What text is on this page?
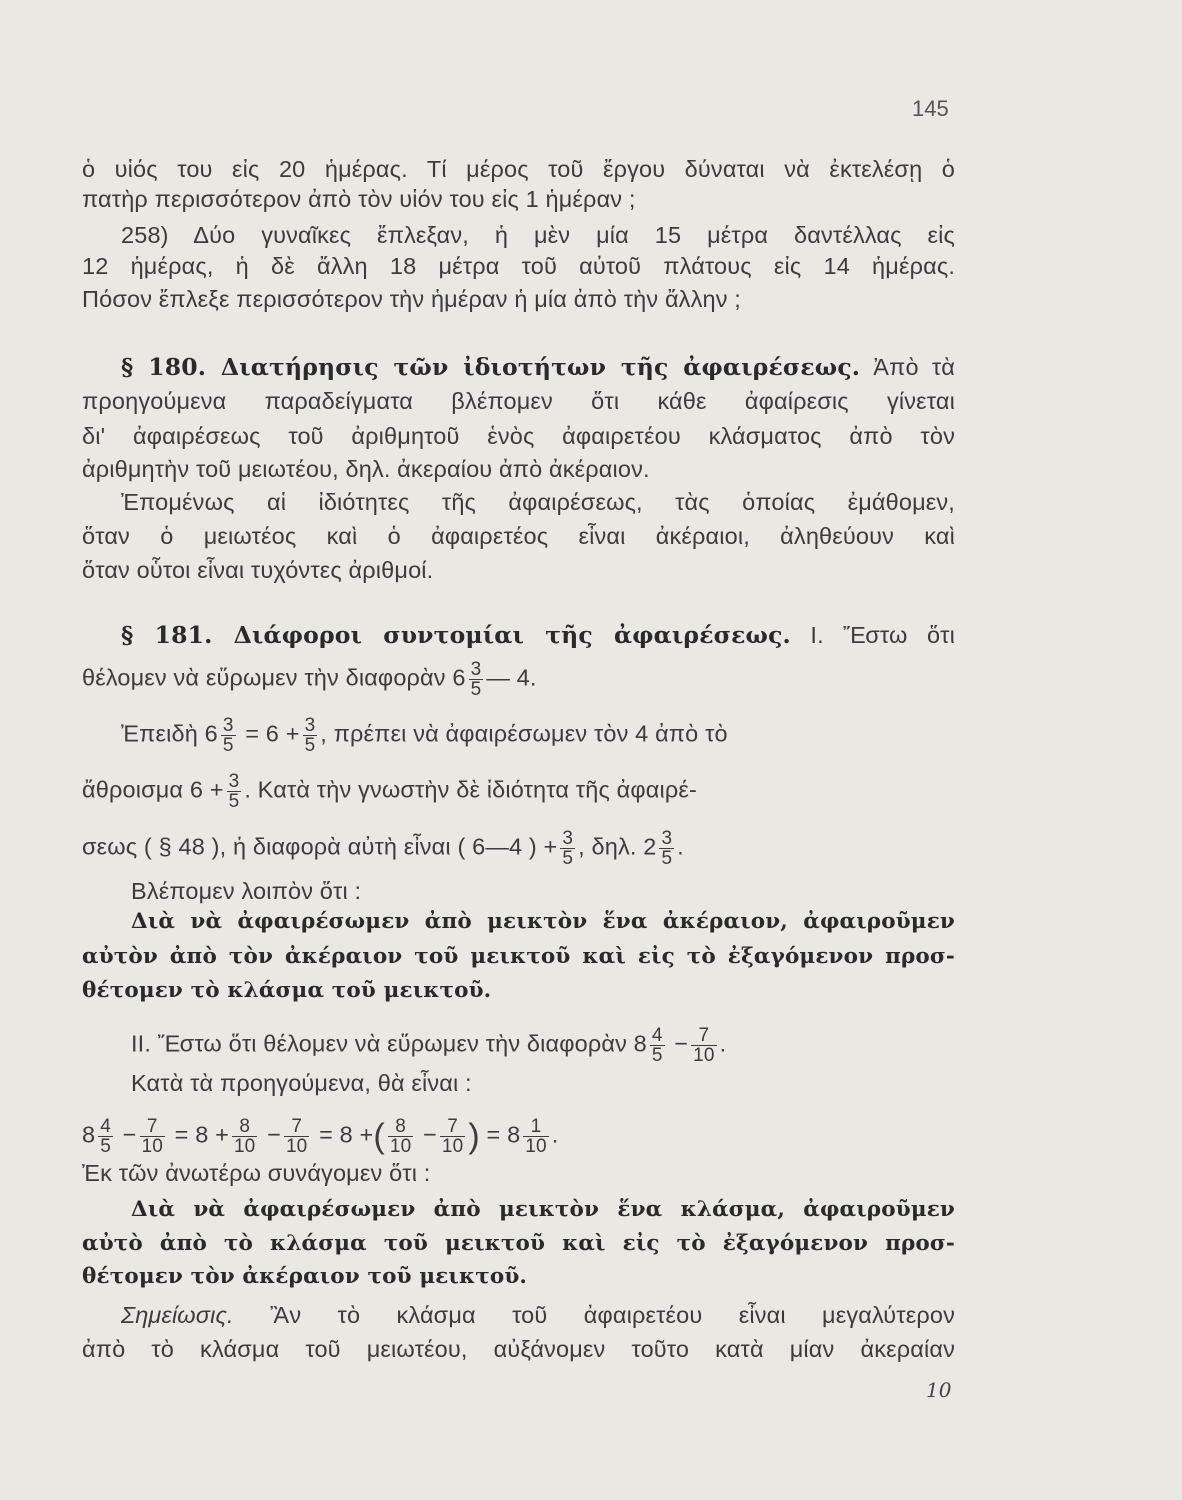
145
ὁ υἱός του εἰς 20 ἡμέρας. Τί μέρος τοῦ ἔργου δύναται νὰ ἐκτελέσῃ ὁ
πατὴρ περισσότερον ἀπὸ τὸν υἱόν του εἰς 1 ἡμέραν ;
258) Δύο γυναῖκες ἔπλεξαν, ἡ μὲν μία 15 μέτρα δαντέλλας εἰς
12 ἡμέρας, ἡ δὲ ἄλλη 18 μέτρα τοῦ αὐτοῦ πλάτους εἰς 14 ἡμέρας.
Πόσον ἔπλεξε περισσότερον τὴν ἡμέραν ἡ μία ἀπὸ τὴν ἄλλην ;
§ 180. Διατήρησις τῶν ἰδιοτήτων τῆς ἀφαιρέσεως. Ἀπὸ τὰ
προηγούμενα παραδείγματα βλέπομεν ὅτι κάθε ἀφαίρεσις γίνεται
δι' ἀφαιρέσεως τοῦ ἀριθμητοῦ ἑνὸς ἀφαιρετέου κλάσματος ἀπὸ τὸν
ἀριθμητὴν τοῦ μειωτέου, δηλ. ἀκεραίου ἀπὸ ἀκέραιον.
Ἐπομένως αἱ ἰδιότητες τῆς ἀφαιρέσεως, τὰς ὁποίας ἐμάθομεν,
ὅταν ὁ μειωτέος καὶ ὁ ἀφαιρετέος εἶναι ἀκέραιοι, ἀληθεύουν καὶ
ὅταν οὗτοι εἶναι τυχόντες ἀριθμοί.
§ 181. Διάφοροι συντομίαι τῆς ἀφαιρέσεως. Ι. Ἔστω ὅτι
θέλομεν νὰ εὕρωμεν τὴν διαφορὰν $6 \frac{3}{5}$ — 4.
Ἐπειδὴ $6 \frac{3}{5} = 6 + \frac{3}{5}$ , πρέπει νὰ ἀφαιρέσωμεν τὸν 4 ἀπὸ τὸ
ἄθροισμα $6 + \frac{3}{5}$ . Κατὰ τὴν γνωστὴν δὲ ἰδιότητα τῆς ἀφαιρέ-
σεως ( § 48 ), ἡ διαφορὰ αὐτὴ εἶναι ( 6—4 ) + $\frac{3}{5}$ , δηλ. $2 \frac{3}{5}$ .
Βλέπομεν λοιπὸν ὅτι :
Διὰ νὰ ἀφαιρέσωμεν ἀπὸ μεικτὸν ἕνα ἀκέραιον, ἀφαιροῦμεν
αὐτὸν ἀπὸ τὸν ἀκέραιον τοῦ μεικτοῦ καὶ εἰς τὸ ἐξαγόμενον προσ-
θέτομεν τὸ κλάσμα τοῦ μεικτοῦ.
ΙΙ. Ἔστω ὅτι θέλομεν νὰ εὕρωμεν τὴν διαφορὰν $8 \frac{4}{5} - \frac{7}{10}$ .
Κατὰ τὰ προηγούμενα, θὰ εἶναι :
$8 \frac{4}{5} - \frac{7}{10} = 8 + \frac{8}{10} - \frac{7}{10} = 8$ +( $\frac{8}{10} - \frac{7}{10}$ ) = $8 \frac{1}{10}$ .
Ἐκ τῶν ἀνωτέρω συνάγομεν ὅτι :
Διὰ νὰ ἀφαιρέσωμεν ἀπὸ μεικτὸν ἕνα κλάσμα, ἀφαιροῦμεν
αὐτὸ ἀπὸ τὸ κλάσμα τοῦ μεικτοῦ καὶ εἰς τὸ ἐξαγόμενον προσ-
θέτομεν τὸν ἀκέραιον τοῦ μεικτοῦ.
Σημείωσις. Ἂν τὸ κλάσμα τοῦ ἀφαιρετέου εἶναι μεγαλύτερον
ἀπὸ τὸ κλάσμα τοῦ μειωτέου, αὐξάνομεν τοῦτο κατὰ μίαν ἀκεραίαν
10
